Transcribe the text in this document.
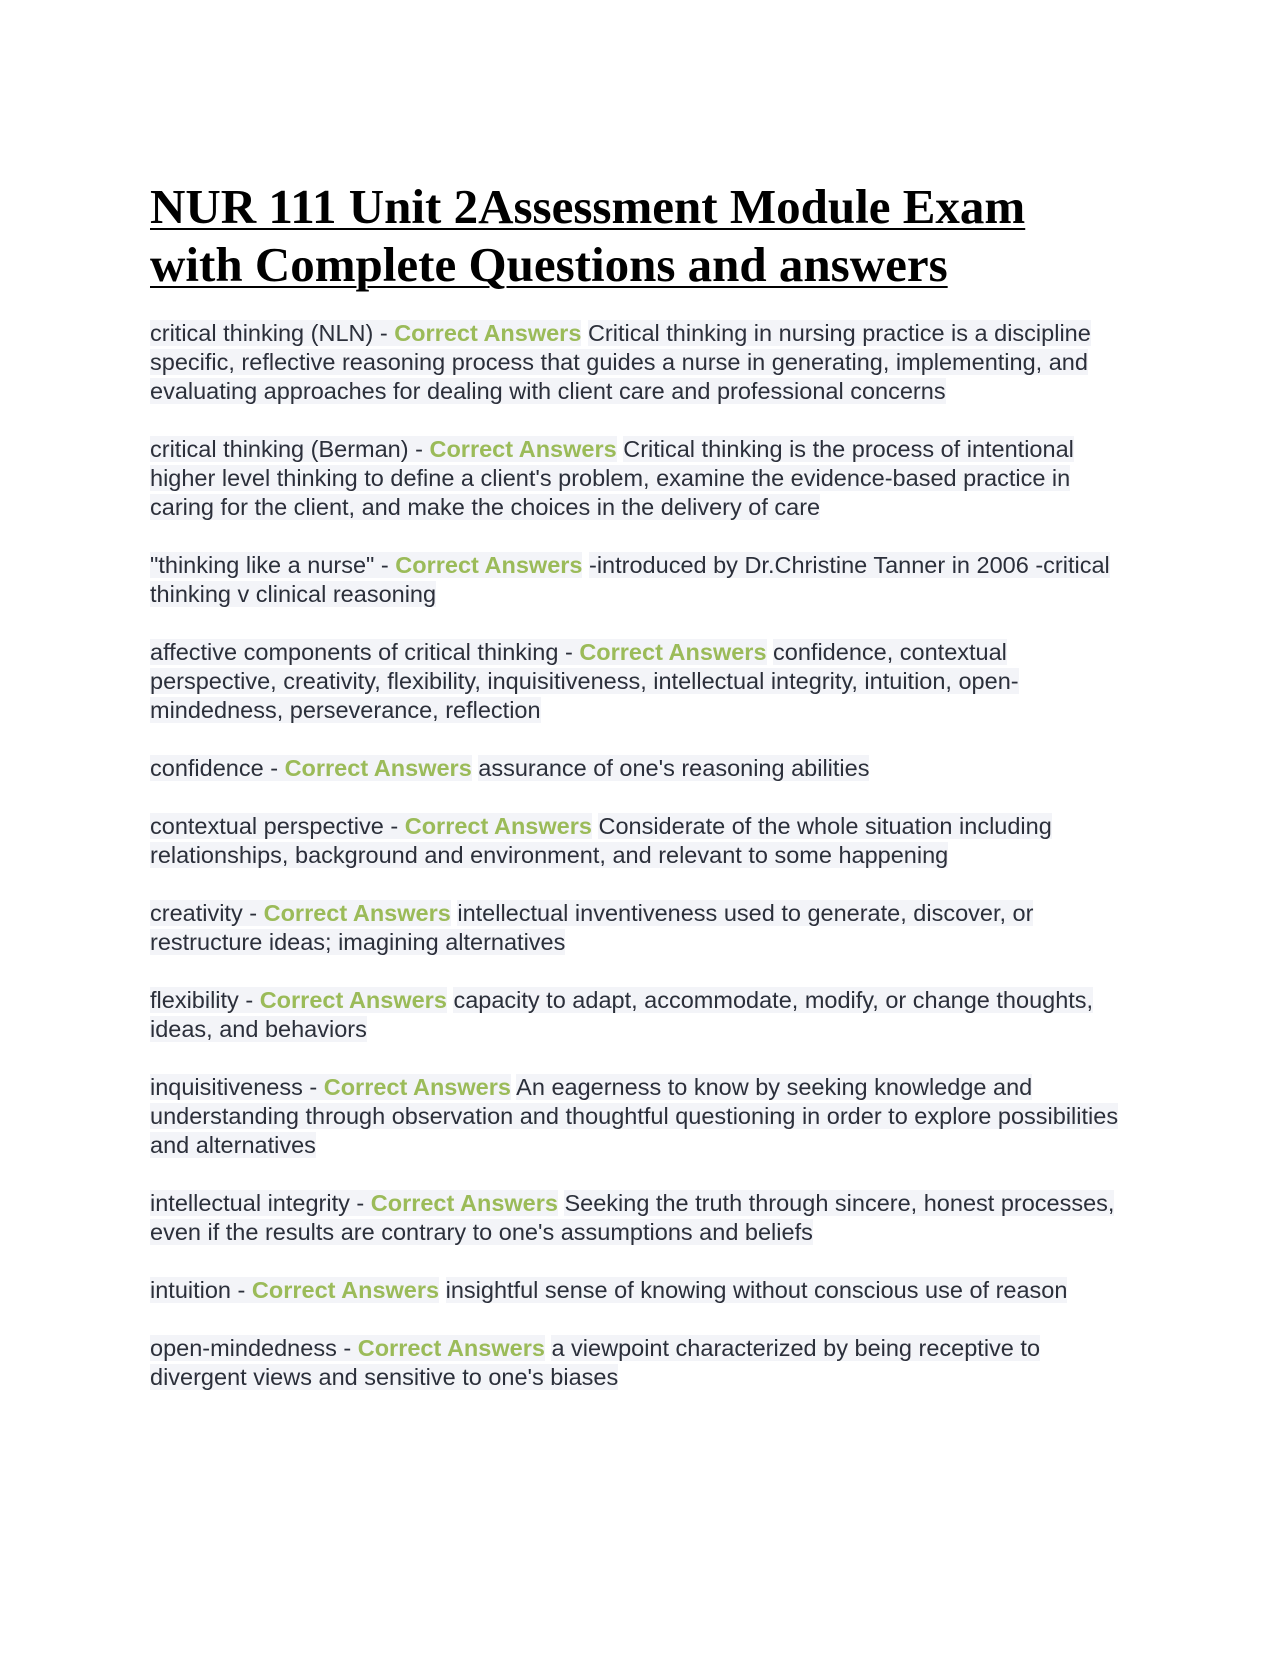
NUR 111 Unit 2Assessment Module Exam
with Complete Questions and answers

critical thinking (NLN) - Correct Answers Critical thinking in nursing practice is a discipline specific, reflective reasoning process that guides a nurse in generating, implementing, and evaluating approaches for dealing with client care and professional concerns

critical thinking (Berman) - Correct Answers Critical thinking is the process of intentional higher level thinking to define a client's problem, examine the evidence-based practice in caring for the client, and make the choices in the delivery of care

"thinking like a nurse" - Correct Answers -introduced by Dr.Christine Tanner in 2006 -critical thinking v clinical reasoning

affective components of critical thinking - Correct Answers confidence, contextual perspective, creativity, flexibility, inquisitiveness, intellectual integrity, intuition, open-mindedness, perseverance, reflection

confidence - Correct Answers assurance of one's reasoning abilities

contextual perspective - Correct Answers Considerate of the whole situation including relationships, background and environment, and relevant to some happening

creativity - Correct Answers intellectual inventiveness used to generate, discover, or restructure ideas; imagining alternatives

flexibility - Correct Answers capacity to adapt, accommodate, modify, or change thoughts, ideas, and behaviors

inquisitiveness - Correct Answers An eagerness to know by seeking knowledge and understanding through observation and thoughtful questioning in order to explore possibilities and alternatives

intellectual integrity - Correct Answers Seeking the truth through sincere, honest processes, even if the results are contrary to one's assumptions and beliefs

intuition - Correct Answers insightful sense of knowing without conscious use of reason

open-mindedness - Correct Answers a viewpoint characterized by being receptive to divergent views and sensitive to one's biases
